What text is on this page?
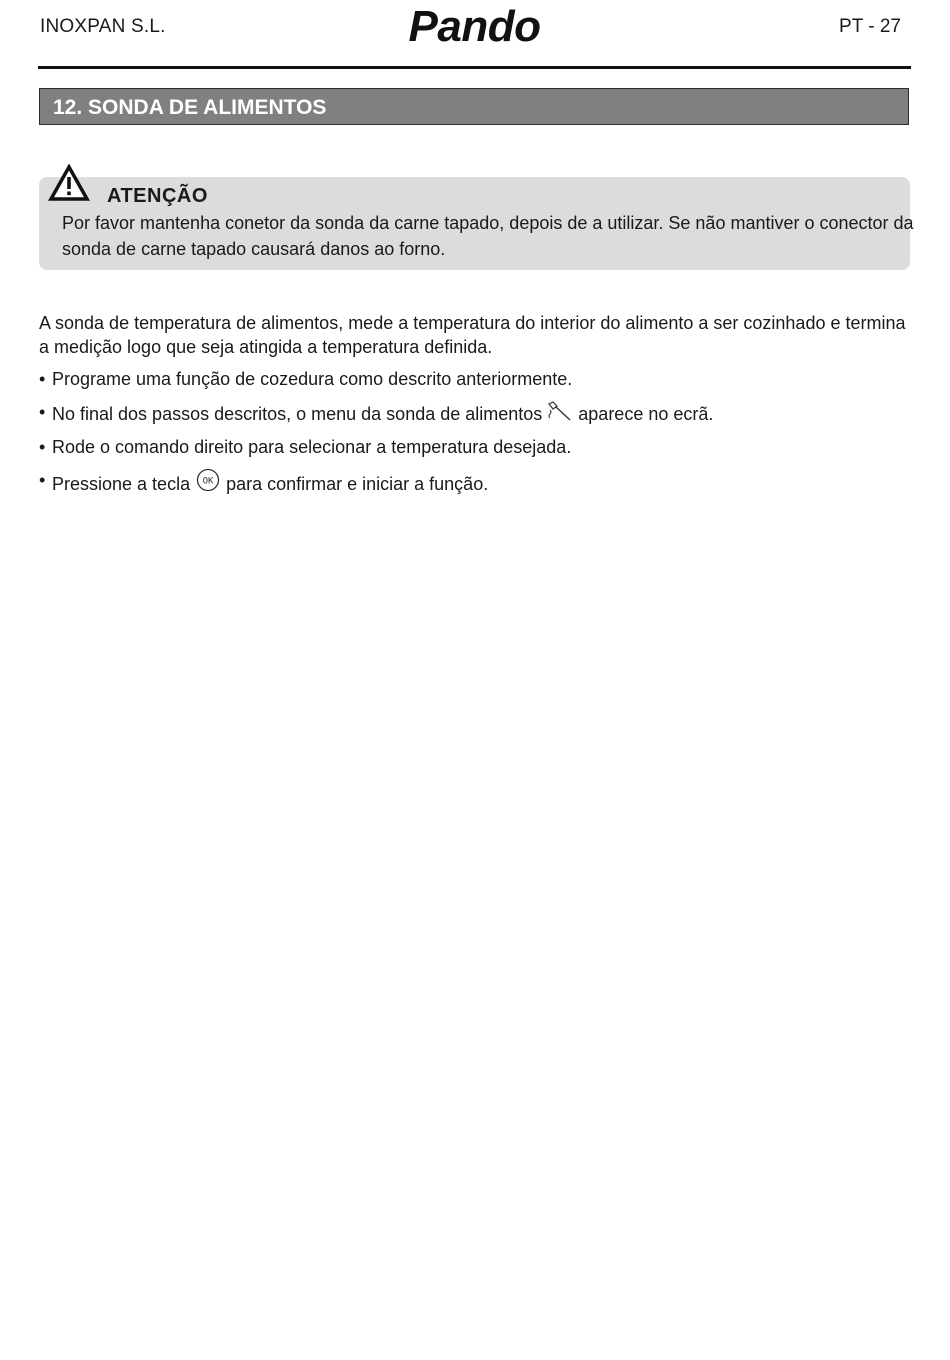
INOXPAN S.L.	Pando	PT - 27
12. SONDA DE ALIMENTOS
ATENÇÃO
Por favor mantenha conetor da sonda da carne tapado, depois de a utilizar. Se não mantiver o conector da sonda de carne tapado causará danos ao forno.
A sonda de temperatura de alimentos, mede a temperatura do interior do alimento a ser cozinhado e termina a medição logo que seja atingida a temperatura definida.
• Programe uma função de cozedura como descrito anteriormente.
• No final dos passos descritos, o menu da sonda de alimentos  aparece no ecrã.
• Rode o comando direito para selecionar a temperatura desejada.
• Pressione a tecla OK para confirmar e iniciar a função.
